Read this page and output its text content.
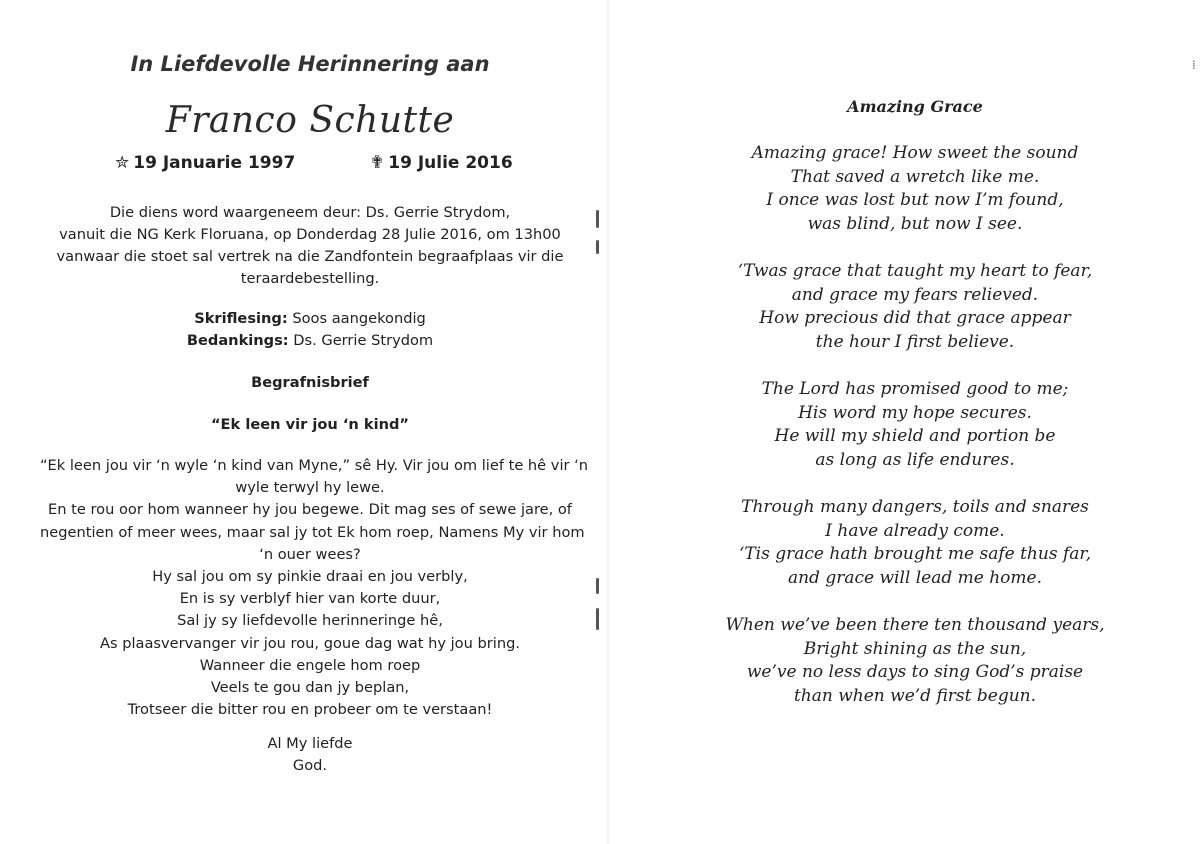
In Liefdevolle Herinnering aan
Franco Schutte
✮ 19 Januarie 1997	✟ 19 Julie 2016
Die diens word waargeneem deur: Ds. Gerrie Strydom,
vanuit die NG Kerk Floruana, op Donderdag 28 Julie 2016, om 13h00
vanwaar die stoet sal vertrek na die Zandfontein begraafplaas vir die
teraardebestelling.
Skriflesing: Soos aangekondig
Bedankings: Ds. Gerrie Strydom
Begrafnisbrief
“Ek leen vir jou ‘n kind”
“Ek leen jou vir ‘n wyle ‘n kind van Myne,” sê Hy. Vir jou om lief te hê vir ‘n
wyle terwyl hy lewe.
En te rou oor hom wanneer hy jou begewe. Dit mag ses of sewe jare, of
negentien of meer wees, maar sal jy tot Ek hom roep, Namens My vir hom
‘n ouer wees?
Hy sal jou om sy pinkie draai en jou verbly,
En is sy verblyf hier van korte duur,
Sal jy sy liefdevolle herinneringe hê,
As plaasvervanger vir jou rou, goue dag wat hy jou bring.
Wanneer die engele hom roep
Veels te gou dan jy beplan,
Trotseer die bitter rou en probeer om te verstaan!
Al My liefde
God.
⁞
Amazing Grace
Amazing grace! How sweet the sound
That saved a wretch like me.
I once was lost but now I’m found,
was blind, but now I see.
‘Twas grace that taught my heart to fear,
and grace my fears relieved.
How precious did that grace appear
the hour I first believe.
The Lord has promised good to me;
His word my hope secures.
He will my shield and portion be
as long as life endures.
Through many dangers, toils and snares
I have already come.
‘Tis grace hath brought me safe thus far,
and grace will lead me home.
When we’ve been there ten thousand years,
Bright shining as the sun,
we’ve no less days to sing God’s praise
than when we’d first begun.
